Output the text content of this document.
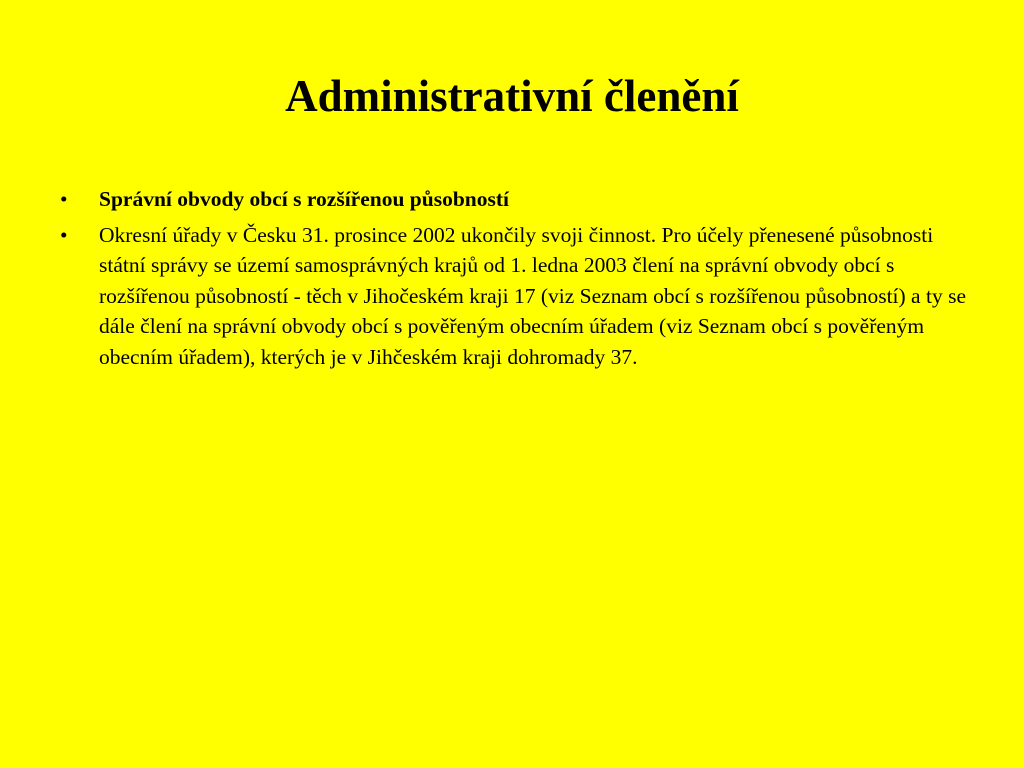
Administrativní členění
•	Správní obvody obcí s rozšířenou působností
•	Okresní úřady v Česku 31. prosince 2002 ukončily svoji činnost. Pro účely přenesené působnosti státní správy se území samosprávných krajů od 1. ledna 2003 člení na správní obvody obcí s rozšířenou působností - těch v Jihočeském kraji 17 (viz Seznam obcí s rozšířenou působností) a ty se dále člení na správní obvody obcí s pověřeným obecním úřadem (viz Seznam obcí s pověřeným obecním úřadem), kterých je v Jihčeském kraji dohromady 37.
